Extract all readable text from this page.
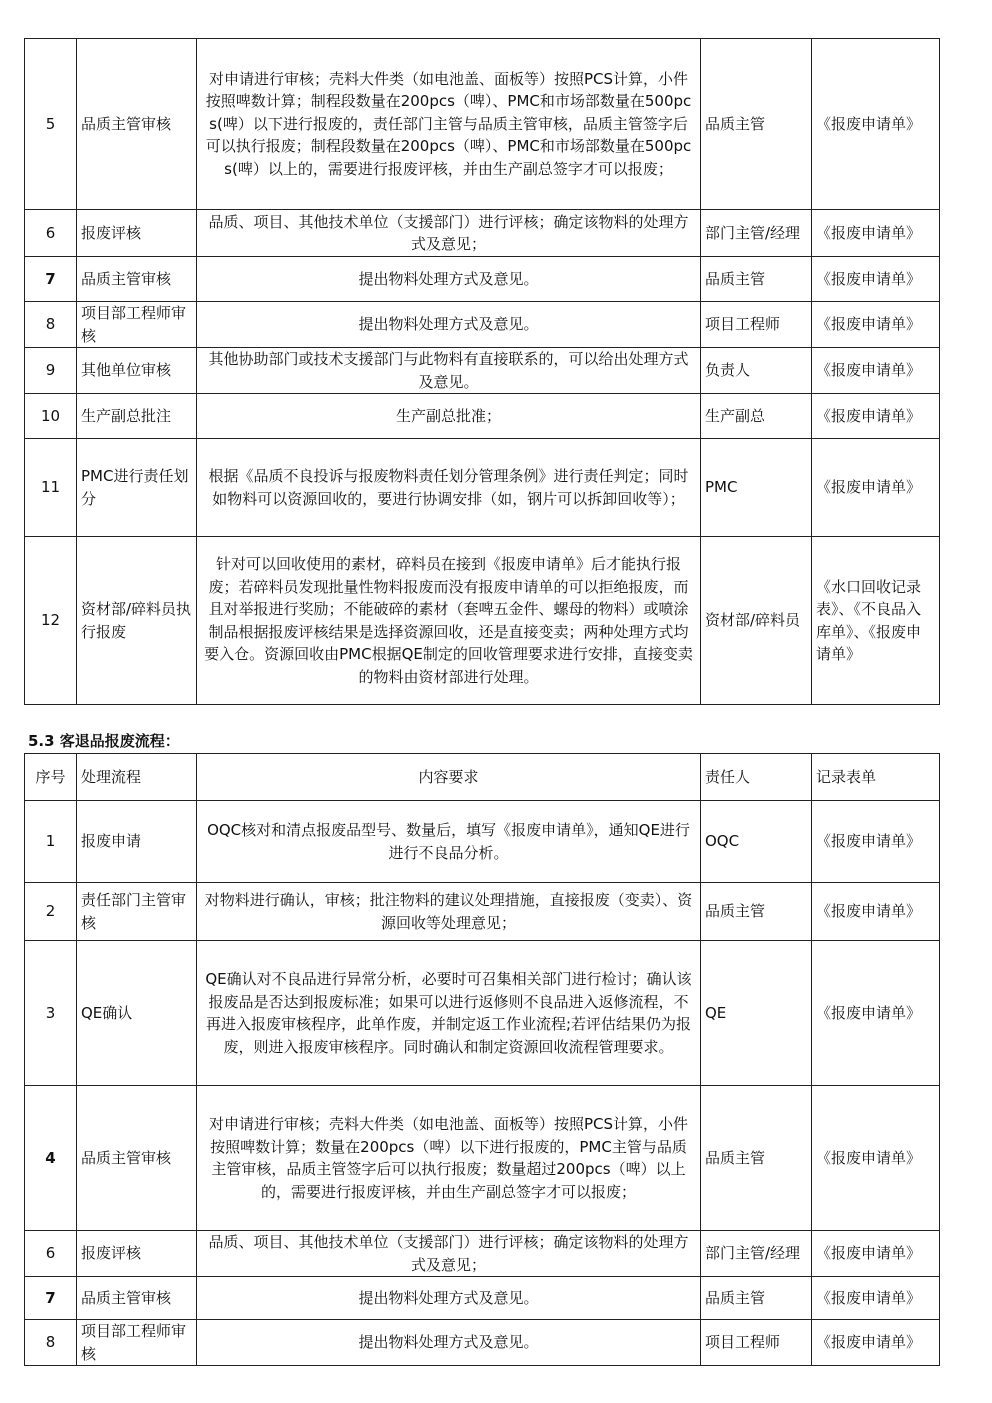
5	品质主管审核	对申请进行审核；壳料大件类（如电池盖、面板等）按照PCS计算，小件按照啤数计算；制程段数量在200pcs（啤）、PMC和市场部数量在500pcs(啤）以下进行报废的，责任部门主管与品质主管审核，品质主管签字后可以执行报废；制程段数量在200pcs（啤）、PMC和市场部数量在500pcs(啤）以上的，需要进行报废评核，并由生产副总签字才可以报废；	品质主管	《报废申请单》
6	报废评核	品质、项目、其他技术单位（支援部门）进行评核；确定该物料的处理方式及意见；	部门主管/经理	《报废申请单》
7	品质主管审核	提出物料处理方式及意见。	品质主管	《报废申请单》
8	项目部工程师审核	提出物料处理方式及意见。	项目工程师	《报废申请单》
9	其他单位审核	其他协助部门或技术支援部门与此物料有直接联系的，可以给出处理方式及意见。	负责人	《报废申请单》
10	生产副总批注	生产副总批准；	生产副总	《报废申请单》
11	PMC进行责任划分	根据《品质不良投诉与报废物料责任划分管理条例》进行责任判定；同时如物料可以资源回收的，要进行协调安排（如，钢片可以拆卸回收等）；	PMC	《报废申请单》
12	资材部/碎料员执行报废	针对可以回收使用的素材，碎料员在接到《报废申请单》后才能执行报废；若碎料员发现批量性物料报废而没有报废申请单的可以拒绝报废，而且对举报进行奖励；不能破碎的素材（套啤五金件、螺母的物料）或喷涂制品根据报废评核结果是选择资源回收，还是直接变卖；两种处理方式均要入仓。资源回收由PMC根据QE制定的回收管理要求进行安排，直接变卖的物料由资材部进行处理。	资材部/碎料员	《水口回收记录表》、《不良品入库单》、《报废申请单》
5.3 客退品报废流程：
序号	处理流程	内容要求	责任人	记录表单
1	报废申请	OQC核对和清点报废品型号、数量后，填写《报废申请单》，通知QE进行进行不良品分析。	OQC	《报废申请单》
2	责任部门主管审核	对物料进行确认，审核；批注物料的建议处理措施，直接报废（变卖）、资源回收等处理意见；	品质主管	《报废申请单》
3	QE确认	QE确认对不良品进行异常分析，必要时可召集相关部门进行检讨；确认该报废品是否达到报废标准；如果可以进行返修则不良品进入返修流程，不再进入报废审核程序，此单作废，并制定返工作业流程;若评估结果仍为报废，则进入报废审核程序。同时确认和制定资源回收流程管理要求。	QE	《报废申请单》
4	品质主管审核	对申请进行审核；壳料大件类（如电池盖、面板等）按照PCS计算，小件按照啤数计算；数量在200pcs（啤）以下进行报废的，PMC主管与品质主管审核，品质主管签字后可以执行报废；数量超过200pcs（啤）以上的，需要进行报废评核，并由生产副总签字才可以报废；	品质主管	《报废申请单》
6	报废评核	品质、项目、其他技术单位（支援部门）进行评核；确定该物料的处理方式及意见；	部门主管/经理	《报废申请单》
7	品质主管审核	提出物料处理方式及意见。	品质主管	《报废申请单》
8	项目部工程师审核	提出物料处理方式及意见。	项目工程师	《报废申请单》
